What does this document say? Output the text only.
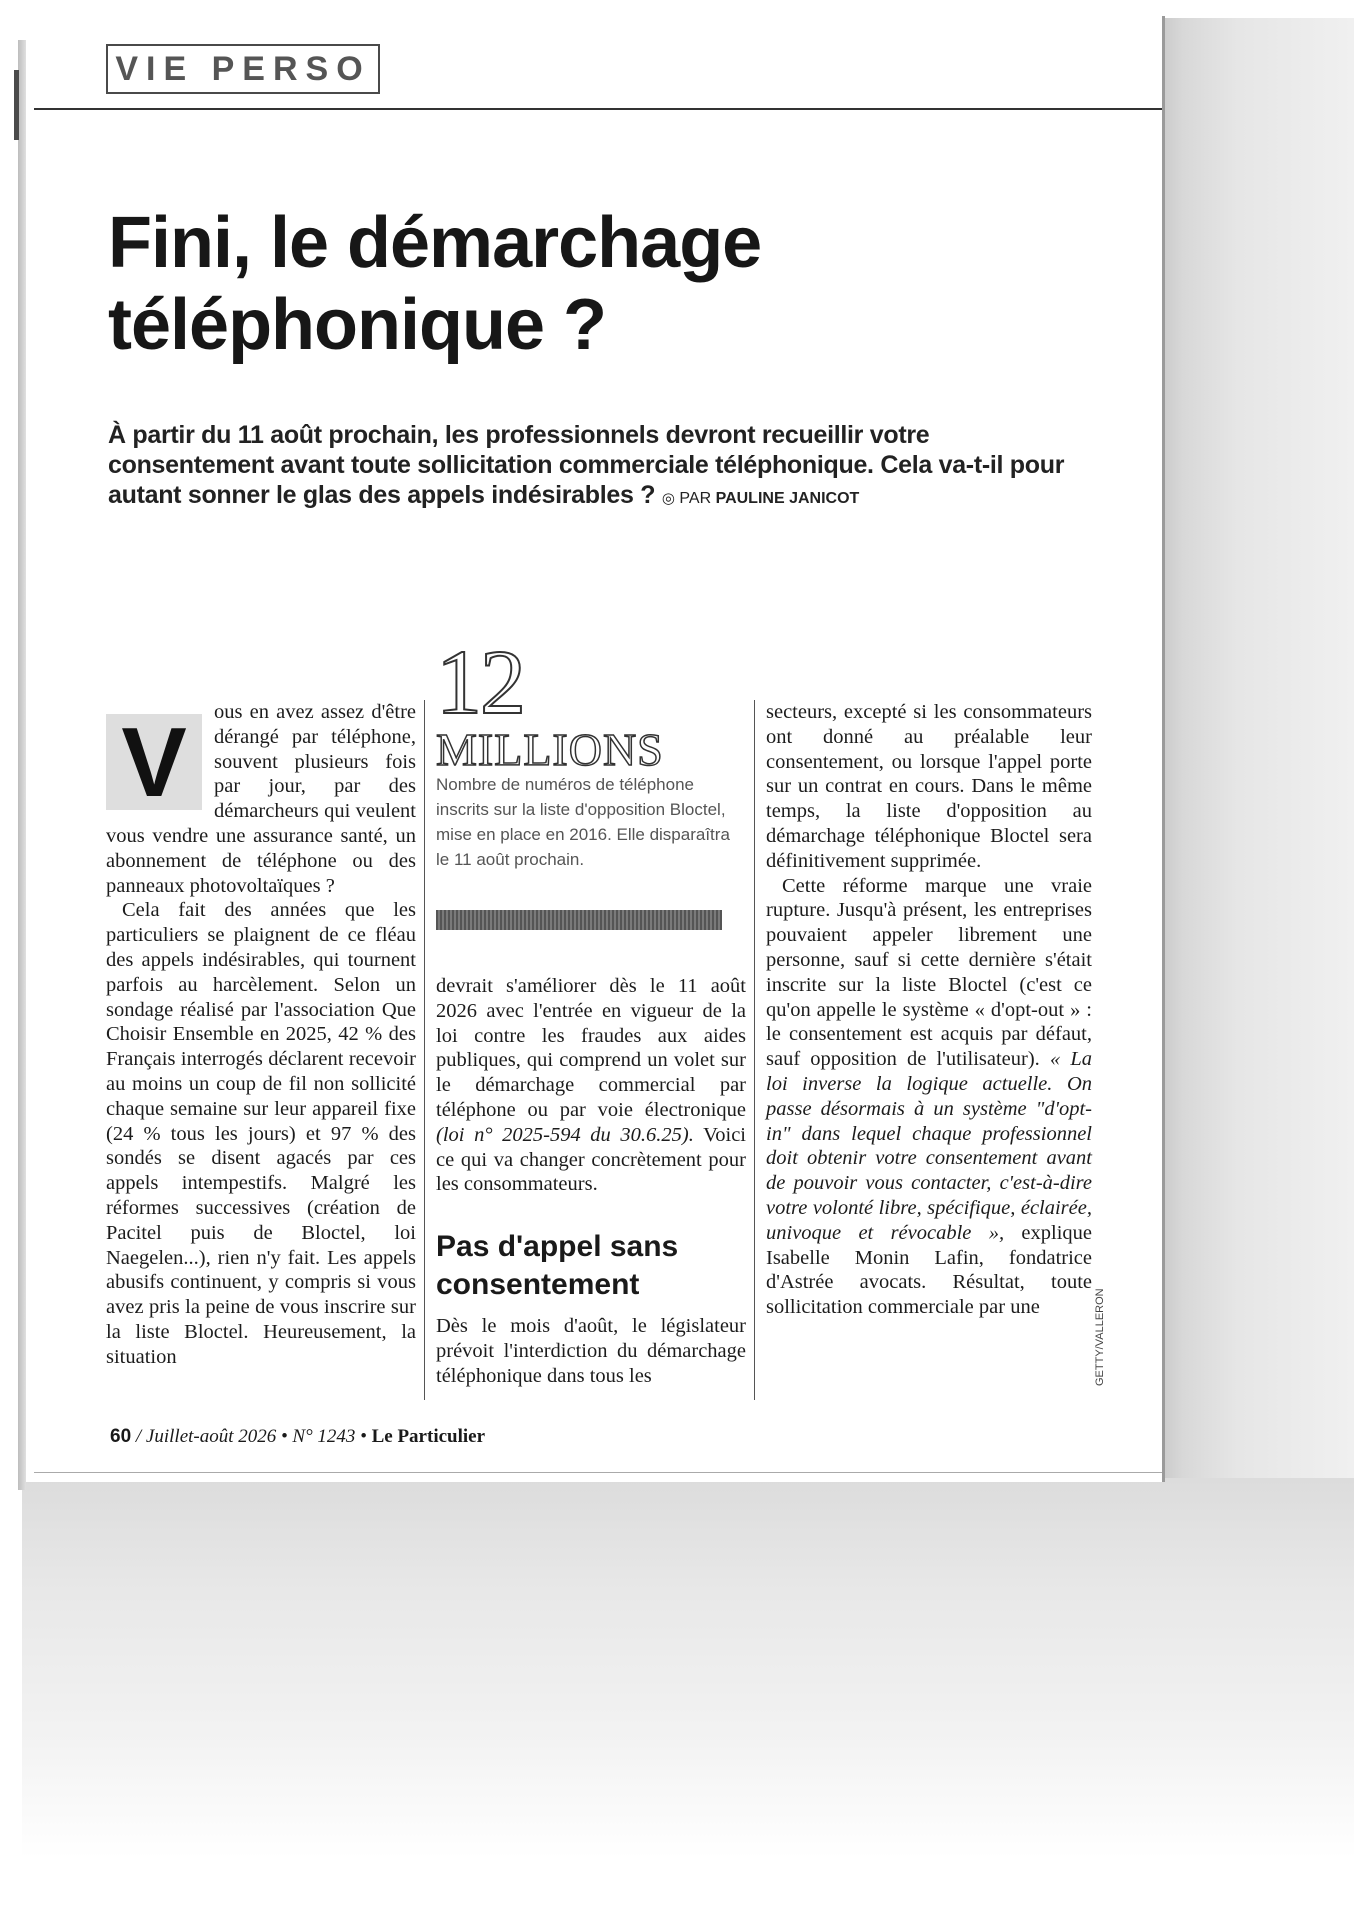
VIE PERSO
Fini, le démarchage téléphonique ?

À partir du 11 août prochain, les professionnels devront recueillir votre consentement avant toute sollicitation commerciale téléphonique. Cela va-t-il pour autant sonner le glas des appels indésirables ? ◎ PAR PAULINE JANICOT

V	ous en avez assez d'être dérangé par téléphone, souvent plusieurs fois par jour, par des démarcheurs qui veulent vous vendre une assurance santé, un abonnement de téléphone ou des panneaux photovoltaïques ?

Cela fait des années que les particuliers se plaignent de ce fléau des appels indésirables, qui tournent parfois au harcèlement. Selon un sondage réalisé par l'association Que Choisir Ensemble en 2025, 42 % des Français interrogés déclarent recevoir au moins un coup de fil non sollicité chaque semaine sur leur appareil fixe (24 % tous les jours) et 97 % des sondés se disent agacés par ces appels intempestifs. Malgré les réformes successives (création de Pacitel puis de Bloctel, loi Naegelen...), rien n'y fait. Les appels abusifs continuent, y compris si vous avez pris la peine de vous inscrire sur la liste Bloctel. Heureusement, la situation

12
MILLIONS
Nombre de numéros de téléphone inscrits sur la liste d'opposition Bloctel, mise en place en 2016. Elle disparaîtra le 11 août prochain.

devrait s'améliorer dès le 11 août 2026 avec l'entrée en vigueur de la loi contre les fraudes aux aides publiques, qui comprend un volet sur le démarchage commercial par téléphone ou par voie électronique (loi n° 2025-594 du 30.6.25). Voici ce qui va changer concrètement pour les consommateurs.

Pas d'appel sans consentement

Dès le mois d'août, le législateur prévoit l'interdiction du démarchage téléphonique dans tous les

secteurs, excepté si les consommateurs ont donné au préalable leur consentement, ou lorsque l'appel porte sur un contrat en cours. Dans le même temps, la liste d'opposition au démarchage téléphonique Bloctel sera définitivement supprimée.

Cette réforme marque une vraie rupture. Jusqu'à présent, les entreprises pouvaient appeler librement une personne, sauf si cette dernière s'était inscrite sur la liste Bloctel (c'est ce qu'on appelle le système « d'opt-out » : le consentement est acquis par défaut, sauf opposition de l'utilisateur). « La loi inverse la logique actuelle. On passe désormais à un système "d'opt-in" dans lequel chaque professionnel doit obtenir votre consentement avant de pouvoir vous contacter, c'est-à-dire votre volonté libre, spécifique, éclairée, univoque et révocable », explique Isabelle Monin Lafin, fondatrice d'Astrée avocats. Résultat, toute sollicitation commerciale par une	GETTY/VALLERON
60 / Juillet-août 2026 • N° 1243 • Le Particulier
